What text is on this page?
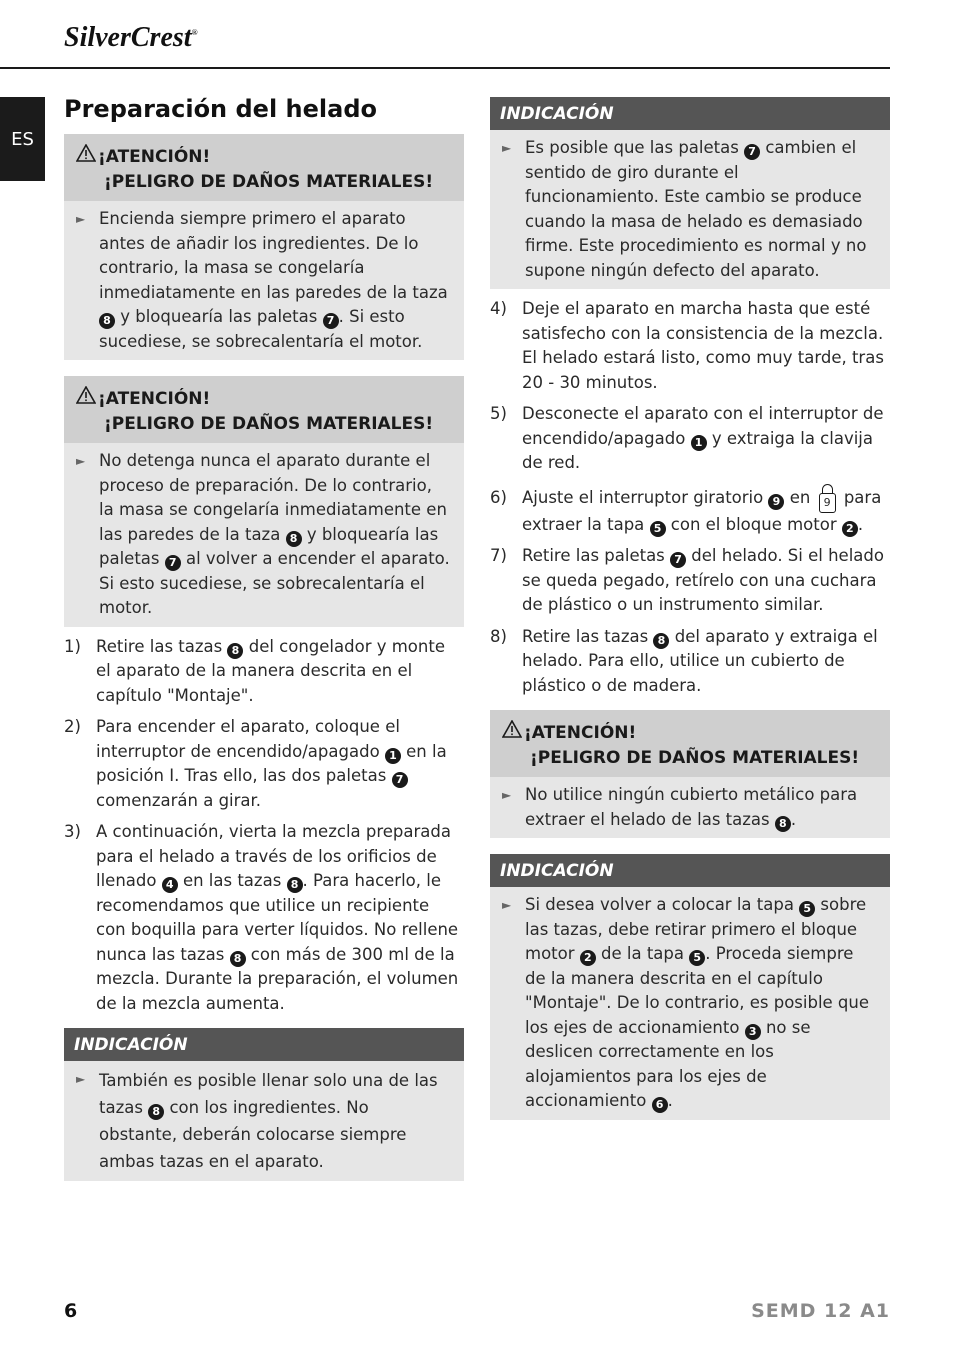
SilverCrest®
ES
Preparación del helado
¡ATENCIÓN!
¡PELIGRO DE DAÑOS MATERIALES!
► Encienda siempre primero el aparato antes de añadir los ingredientes. De lo contrario, la masa se congelaría inmediatamente en las paredes de la taza 8 y bloquearía las paletas 7 . Si esto sucediese, se sobrecalentaría el motor.
¡ATENCIÓN!
¡PELIGRO DE DAÑOS MATERIALES!
► No detenga nunca el aparato durante el proceso de preparación. De lo contrario, la masa se congelaría inmediatamente en las paredes de la taza 8 y bloquearía las paletas 7 al volver a encender el aparato. Si esto sucediese, se sobrecalentaría el motor.
1) Retire las tazas 8 del congelador y monte el aparato de la manera descrita en el capítulo "Montaje".
2) Para encender el aparato, coloque el interruptor de encendido/apagado 1 en la posición I. Tras ello, las dos paletas 7 comenzarán a girar.
3) A continuación, vierta la mezcla preparada para el helado a través de los orificios de llenado 4 en las tazas 8 . Para hacerlo, le recomendamos que utilice un recipiente con boquilla para verter líquidos. No rellene nunca las tazas 8 con más de 300 ml de la mezcla. Durante la preparación, el volumen de la mezcla aumenta.
INDICACIÓN
► También es posible llenar solo una de las tazas 8 con los ingredientes. No obstante, deberán colocarse siempre ambas tazas en el aparato.
INDICACIÓN
► Es posible que las paletas 7 cambien el sentido de giro durante el funcionamiento. Este cambio se produce cuando la masa de helado es demasiado firme. Este procedimiento es normal y no supone ningún defecto del aparato.
4) Deje el aparato en marcha hasta que esté satisfecho con la consistencia de la mezcla. El helado estará listo, como muy tarde, tras 20 - 30 minutos.
5) Desconecte el aparato con el interruptor de encendido/apagado 1 y extraiga la clavija de red.
6) Ajuste el interruptor giratorio 9 en 9 para extraer la tapa 5 con el bloque motor 2 .
7) Retire las paletas 7 del helado. Si el helado se queda pegado, retírelo con una cuchara de plástico o un instrumento similar.
8) Retire las tazas 8 del aparato y extraiga el helado. Para ello, utilice un cubierto de plástico o de madera.
¡ATENCIÓN!
¡PELIGRO DE DAÑOS MATERIALES!
► No utilice ningún cubierto metálico para extraer el helado de las tazas 8 .
INDICACIÓN
► Si desea volver a colocar la tapa 5 sobre las tazas, debe retirar primero el bloque motor 2 de la tapa 5 . Proceda siempre de la manera descrita en el capítulo "Montaje". De lo contrario, es posible que los ejes de accionamiento 3 no se deslicen correctamente en los alojamientos para los ejes de accionamiento 6 .
6	SEMD 12 A1
